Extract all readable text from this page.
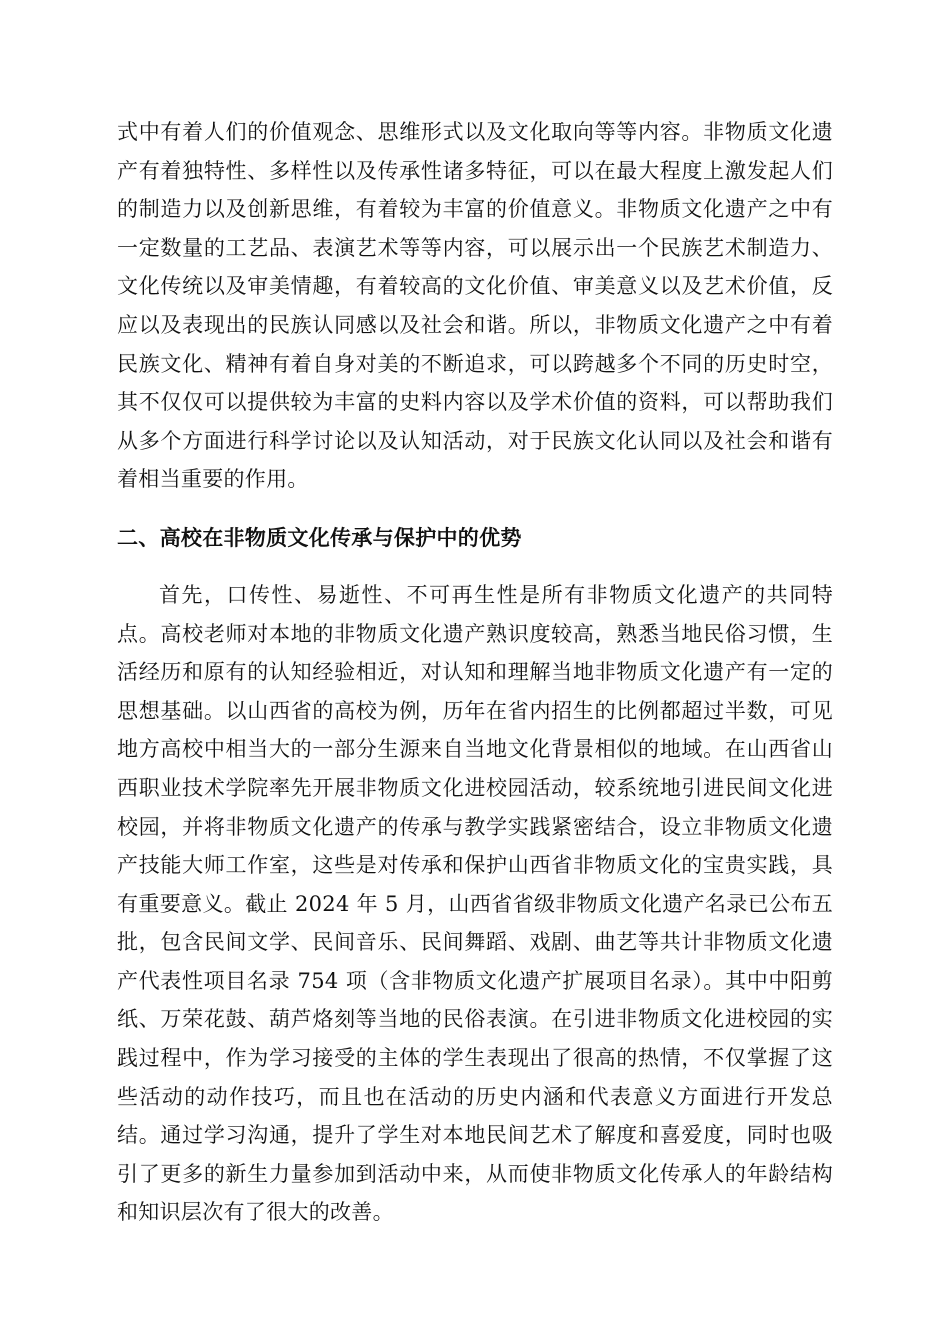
式中有着人们的价值观念、思维形式以及文化取向等等内容。非物质文化遗产有着独特性、多样性以及传承性诸多特征，可以在最大程度上激发起人们的制造力以及创新思维，有着较为丰富的价值意义。非物质文化遗产之中有一定数量的工艺品、表演艺术等等内容，可以展示出一个民族艺术制造力、文化传统以及审美情趣，有着较高的文化价值、审美意义以及艺术价值，反应以及表现出的民族认同感以及社会和谐。所以，非物质文化遗产之中有着民族文化、精神有着自身对美的不断追求，可以跨越多个不同的历史时空，其不仅仅可以提供较为丰富的史料内容以及学术价值的资料，可以帮助我们从多个方面进行科学讨论以及认知活动，对于民族文化认同以及社会和谐有着相当重要的作用。

二、高校在非物质文化传承与保护中的优势

首先，口传性、易逝性、不可再生性是所有非物质文化遗产的共同特点。高校老师对本地的非物质文化遗产熟识度较高，熟悉当地民俗习惯，生活经历和原有的认知经验相近，对认知和理解当地非物质文化遗产有一定的思想基础。以山西省的高校为例，历年在省内招生的比例都超过半数，可见地方高校中相当大的一部分生源来自当地文化背景相似的地域。在山西省山西职业技术学院率先开展非物质文化进校园活动，较系统地引进民间文化进校园，并将非物质文化遗产的传承与教学实践紧密结合，设立非物质文化遗产技能大师工作室，这些是对传承和保护山西省非物质文化的宝贵实践，具有重要意义。截止 2024 年 5 月，山西省省级非物质文化遗产名录已公布五批，包含民间文学、民间音乐、民间舞蹈、戏剧、曲艺等共计非物质文化遗产代表性项目名录 754 项（含非物质文化遗产扩展项目名录）。其中中阳剪纸、万荣花鼓、葫芦烙刻等当地的民俗表演。在引进非物质文化进校园的实践过程中，作为学习接受的主体的学生表现出了很高的热情，不仅掌握了这些活动的动作技巧，而且也在活动的历史内涵和代表意义方面进行开发总结。通过学习沟通，提升了学生对本地民间艺术了解度和喜爱度，同时也吸引了更多的新生力量参加到活动中来，从而使非物质文化传承人的年龄结构和知识层次有了很大的改善。
